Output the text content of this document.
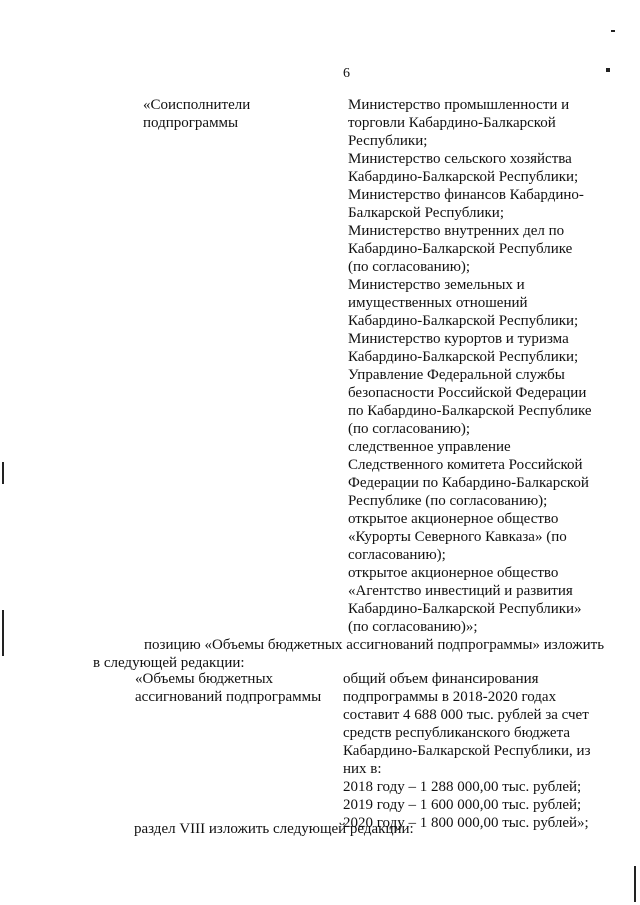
6
«Соисполнители
подпрограммы
Министерство промышленности и
торговли Кабардино-Балкарской
Республики;
Министерство сельского хозяйства
Кабардино-Балкарской Республики;
Министерство финансов Кабардино-
Балкарской Республики;
Министерство внутренних дел по
Кабардино-Балкарской Республике
(по согласованию);
Министерство земельных и
имущественных отношений
Кабардино-Балкарской Республики;
Министерство курортов и туризма
Кабардино-Балкарской Республики;
Управление Федеральной службы
безопасности Российской Федерации
по Кабардино-Балкарской Республике
(по согласованию);
следственное управление
Следственного комитета Российской
Федерации по Кабардино-Балкарской
Республике (по согласованию);
открытое акционерное общество
«Курорты Северного Кавказа» (по
согласованию);
открытое акционерное общество
«Агентство инвестиций и развития
Кабардино-Балкарской Республики»
(по согласованию)»;
позицию «Объемы бюджетных ассигнований подпрограммы» изложить
в следующей редакции:
«Объемы бюджетных
ассигнований подпрограммы
общий объем финансирования
подпрограммы в 2018-2020 годах
составит 4 688 000 тыс. рублей за счет
средств республиканского бюджета
Кабардино-Балкарской Республики, из
них в:
2018 году – 1 288 000,00 тыс. рублей;
2019 году – 1 600 000,00 тыс. рублей;
2020 году – 1 800 000,00 тыс. рублей»;
раздел VIII изложить следующей редакции:
